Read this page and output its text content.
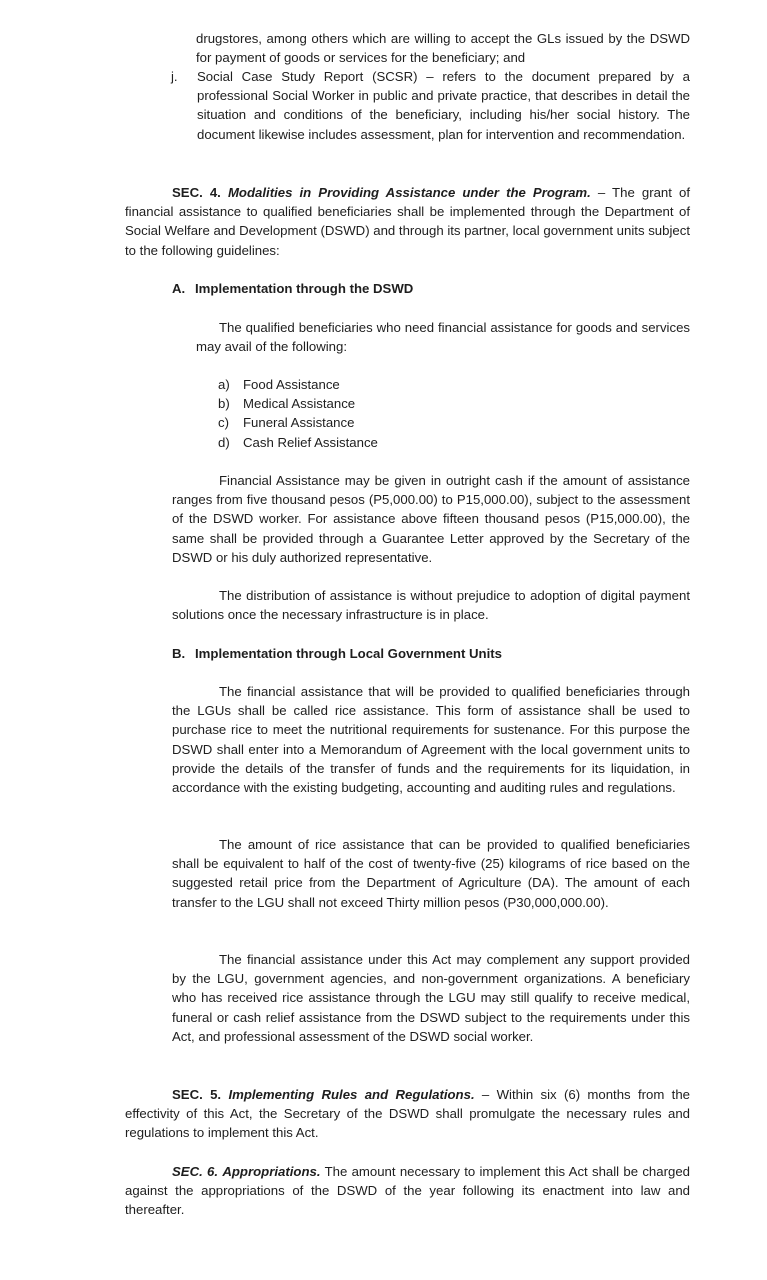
drugstores, among others which are willing to accept the GLs issued by the DSWD for payment of goods or services for the beneficiary; and

j.	Social Case Study Report (SCSR) – refers to the document prepared by a professional Social Worker in public and private practice, that describes in detail the situation and conditions of the beneficiary, including his/her social history. The document likewise includes assessment, plan for intervention and recommendation.

SEC. 4. Modalities in Providing Assistance under the Program. – The grant of financial assistance to qualified beneficiaries shall be implemented through the Department of Social Welfare and Development (DSWD) and through its partner, local government units subject to the following guidelines:

A. Implementation through the DSWD

The qualified beneficiaries who need financial assistance for goods and services may avail of the following:

a)	Food Assistance
b)	Medical Assistance
c)	Funeral Assistance
d)	Cash Relief Assistance

Financial Assistance may be given in outright cash if the amount of assistance ranges from five thousand pesos (P5,000.00) to P15,000.00), subject to the assessment of the DSWD worker. For assistance above fifteen thousand pesos (P15,000.00), the same shall be provided through a Guarantee Letter approved by the Secretary of the DSWD or his duly authorized representative.

The distribution of assistance is without prejudice to adoption of digital payment solutions once the necessary infrastructure is in place.

B. Implementation through Local Government Units

The financial assistance that will be provided to qualified beneficiaries through the LGUs shall be called rice assistance. This form of assistance shall be used to purchase rice to meet the nutritional requirements for sustenance. For this purpose the DSWD shall enter into a Memorandum of Agreement with the local government units to provide the details of the transfer of funds and the requirements for its liquidation, in accordance with the existing budgeting, accounting and auditing rules and regulations.

The amount of rice assistance that can be provided to qualified beneficiaries shall be equivalent to half of the cost of twenty-five (25) kilograms of rice based on the suggested retail price from the Department of Agriculture (DA). The amount of each transfer to the LGU shall not exceed Thirty million pesos (P30,000,000.00).

The financial assistance under this Act may complement any support provided by the LGU, government agencies, and non-government organizations. A beneficiary who has received rice assistance through the LGU may still qualify to receive medical, funeral or cash relief assistance from the DSWD subject to the requirements under this Act, and professional assessment of the DSWD social worker.

SEC. 5. Implementing Rules and Regulations. – Within six (6) months from the effectivity of this Act, the Secretary of the DSWD shall promulgate the necessary rules and regulations to implement this Act.

SEC. 6. Appropriations. The amount necessary to implement this Act shall be charged against the appropriations of the DSWD of the year following its enactment into law and thereafter.
